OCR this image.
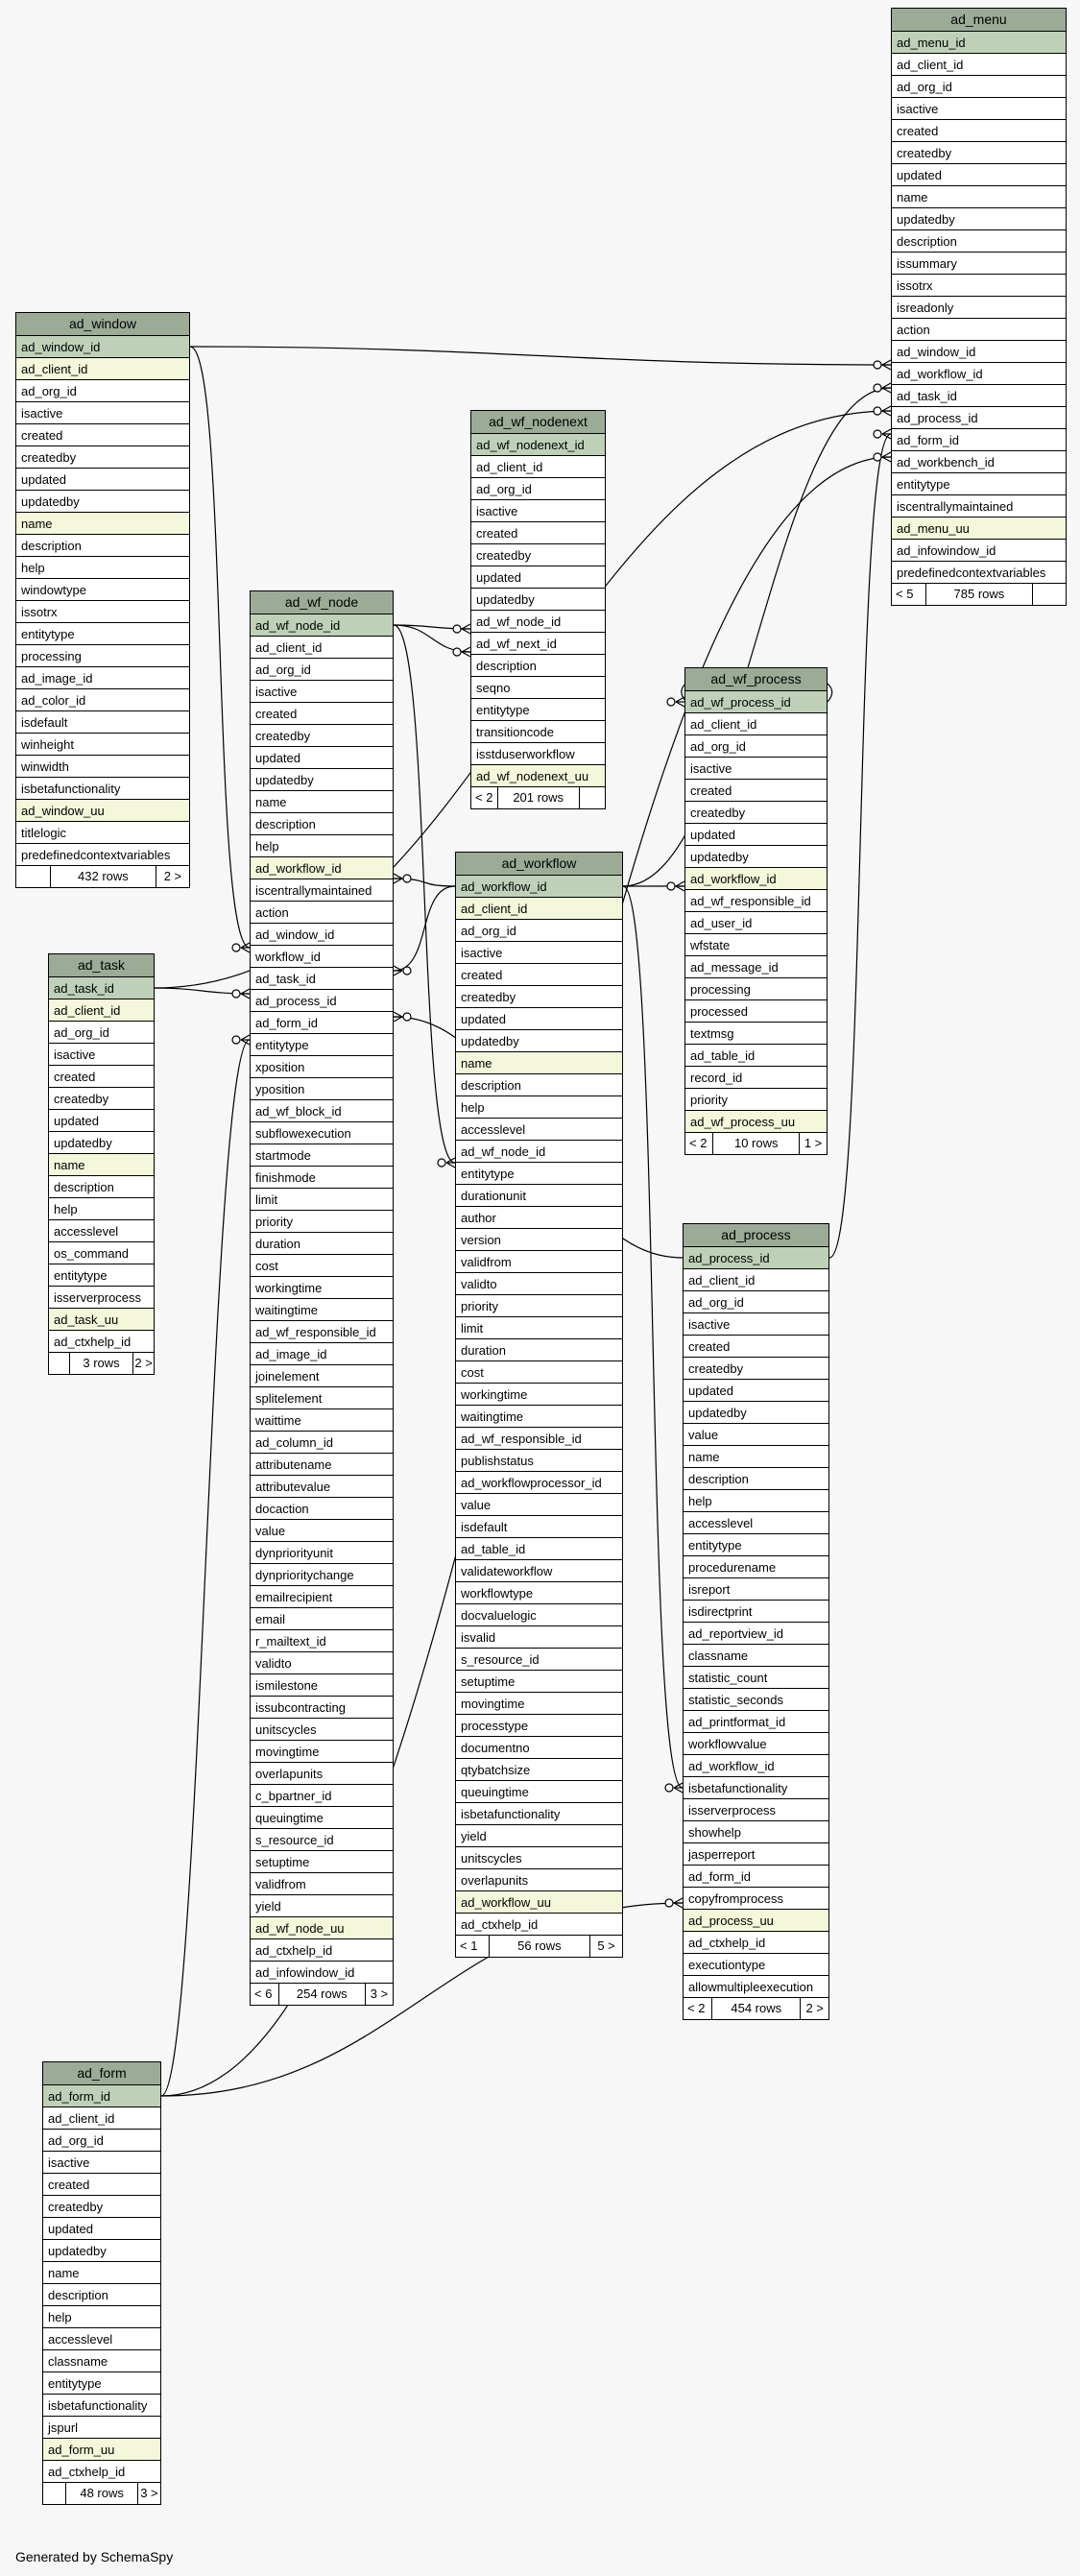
ad_menu
ad_menu_id
ad_client_id
ad_org_id
isactive
created
createdby
updated
name
updatedby
description
issummary
issotrx
isreadonly
action
ad_window_id
ad_workflow_id
ad_task_id
ad_process_id
ad_form_id
ad_workbench_id
entitytype
iscentrallymaintained
ad_menu_uu
ad_infowindow_id
predefinedcontextvariables
< 5	785 rows
ad_window
ad_window_id
ad_client_id
ad_org_id
isactive
created
createdby
updated
updatedby
name
description
help
windowtype
issotrx
entitytype
processing
ad_image_id
ad_color_id
isdefault
winheight
winwidth
isbetafunctionality
ad_window_uu
titlelogic
predefinedcontextvariables
432 rows	2 >
ad_wf_nodenext
ad_wf_nodenext_id
ad_client_id
ad_org_id
isactive
created
createdby
updated
updatedby
ad_wf_node_id
ad_wf_next_id
description
seqno
entitytype
transitioncode
isstduserworkflow
ad_wf_nodenext_uu
< 2	201 rows
ad_wf_node
ad_wf_node_id
ad_client_id
ad_org_id
isactive
created
createdby
updated
updatedby
name
description
help
ad_workflow_id
iscentrallymaintained
action
ad_window_id
workflow_id
ad_task_id
ad_process_id
ad_form_id
entitytype
xposition
yposition
ad_wf_block_id
subflowexecution
startmode
finishmode
limit
priority
duration
cost
workingtime
waitingtime
ad_wf_responsible_id
ad_image_id
joinelement
splitelement
waittime
ad_column_id
attributename
attributevalue
docaction
value
dynpriorityunit
dynprioritychange
emailrecipient
email
r_mailtext_id
validto
ismilestone
issubcontracting
unitscycles
movingtime
overlapunits
c_bpartner_id
queuingtime
s_resource_id
setuptime
validfrom
yield
ad_wf_node_uu
ad_ctxhelp_id
ad_infowindow_id
< 6	254 rows	3 >
ad_workflow
ad_workflow_id
ad_client_id
ad_org_id
isactive
created
createdby
updated
updatedby
name
description
help
accesslevel
ad_wf_node_id
entitytype
durationunit
author
version
validfrom
validto
priority
limit
duration
cost
workingtime
waitingtime
ad_wf_responsible_id
publishstatus
ad_workflowprocessor_id
value
isdefault
ad_table_id
validateworkflow
workflowtype
docvaluelogic
isvalid
s_resource_id
setuptime
movingtime
processtype
documentno
qtybatchsize
queuingtime
isbetafunctionality
yield
unitscycles
overlapunits
ad_workflow_uu
ad_ctxhelp_id
< 1	56 rows	5 >
ad_wf_process
ad_wf_process_id
ad_client_id
ad_org_id
isactive
created
createdby
updated
updatedby
ad_workflow_id
ad_wf_responsible_id
ad_user_id
wfstate
ad_message_id
processing
processed
textmsg
ad_table_id
record_id
priority
ad_wf_process_uu
< 2	10 rows	1 >
ad_task
ad_task_id
ad_client_id
ad_org_id
isactive
created
createdby
updated
updatedby
name
description
help
accesslevel
os_command
entitytype
isserverprocess
ad_task_uu
ad_ctxhelp_id
3 rows	2 >
ad_process
ad_process_id
ad_client_id
ad_org_id
isactive
created
createdby
updated
updatedby
value
name
description
help
accesslevel
entitytype
procedurename
isreport
isdirectprint
ad_reportview_id
classname
statistic_count
statistic_seconds
ad_printformat_id
workflowvalue
ad_workflow_id
isbetafunctionality
isserverprocess
showhelp
jasperreport
ad_form_id
copyfromprocess
ad_process_uu
ad_ctxhelp_id
executiontype
allowmultipleexecution
< 2	454 rows	2 >
ad_form
ad_form_id
ad_client_id
ad_org_id
isactive
created
createdby
updated
updatedby
name
description
help
accesslevel
classname
entitytype
isbetafunctionality
jspurl
ad_form_uu
ad_ctxhelp_id
48 rows	3 >
Generated by SchemaSpy
